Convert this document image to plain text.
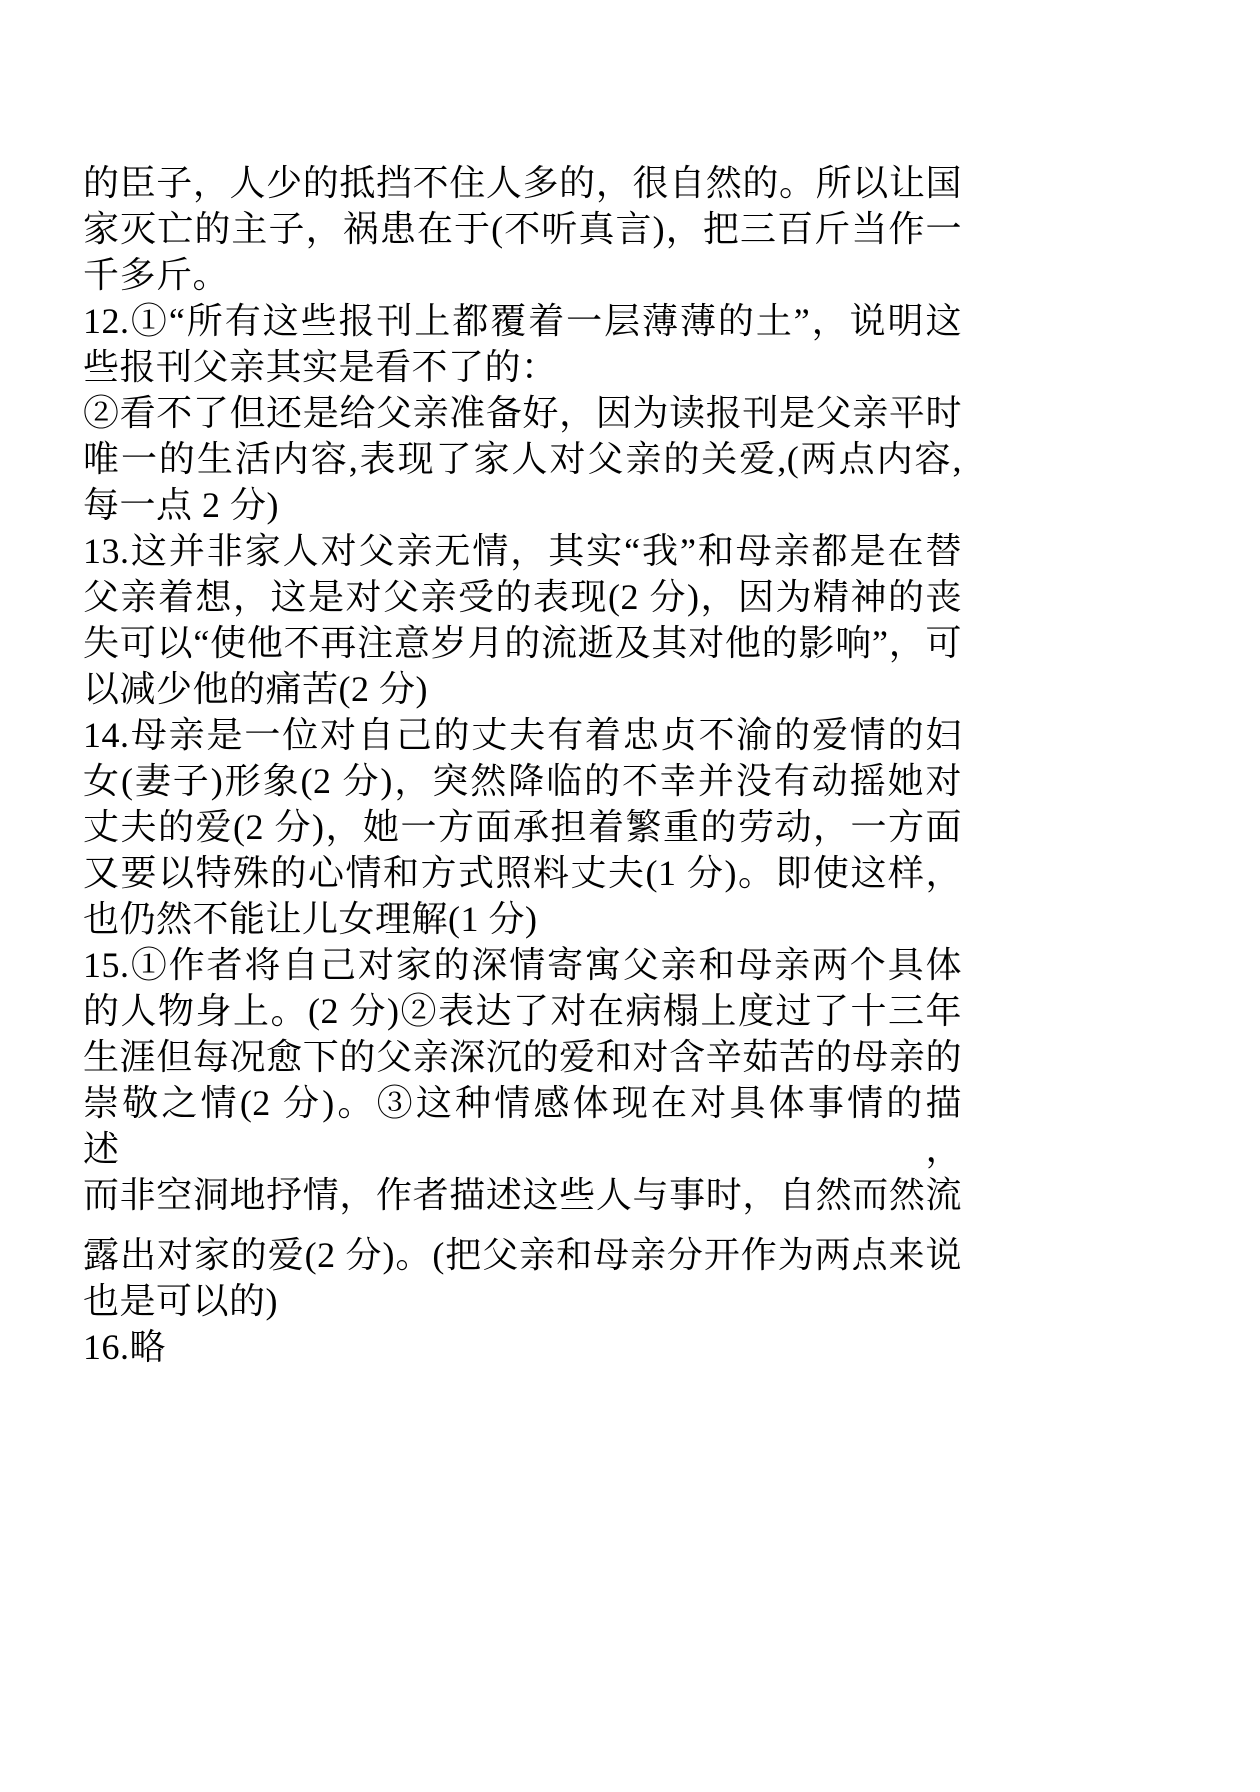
的臣子，人少的抵挡不住人多的，很自然的。所以让国
家灭亡的主子，祸患在于(不听真言)，把三百斤当作一
千多斤。
12.①“所有这些报刊上都覆着一层薄薄的土”，说明这
些报刊父亲其实是看不了的：
②看不了但还是给父亲准备好，因为读报刊是父亲平时
唯一的生活内容,表现了家人对父亲的关爱,(两点内容,
每一点 2 分)
13.这并非家人对父亲无情，其实“我”和母亲都是在替
父亲着想，这是对父亲受的表现(2 分)，因为精神的丧
失可以“使他不再注意岁月的流逝及其对他的影响”，可
以减少他的痛苦(2 分)
14.母亲是一位对自己的丈夫有着忠贞不渝的爱情的妇
女(妻子)形象(2 分)，突然降临的不幸并没有动摇她对
丈夫的爱(2 分)，她一方面承担着繁重的劳动，一方面
又要以特殊的心情和方式照料丈夫(1 分)。即使这样，
也仍然不能让儿女理解(1 分)
15.①作者将自己对家的深情寄寓父亲和母亲两个具体
的人物身上。(2 分)②表达了对在病榻上度过了十三年
生涯但每况愈下的父亲深沉的爱和对含辛茹苦的母亲的
崇敬之情(2 分)。③这种情感体现在对具体事情的描述，
而非空洞地抒情，作者描述这些人与事时，自然而然流
露出对家的爱(2 分)。(把父亲和母亲分开作为两点来说
也是可以的)
16.略
